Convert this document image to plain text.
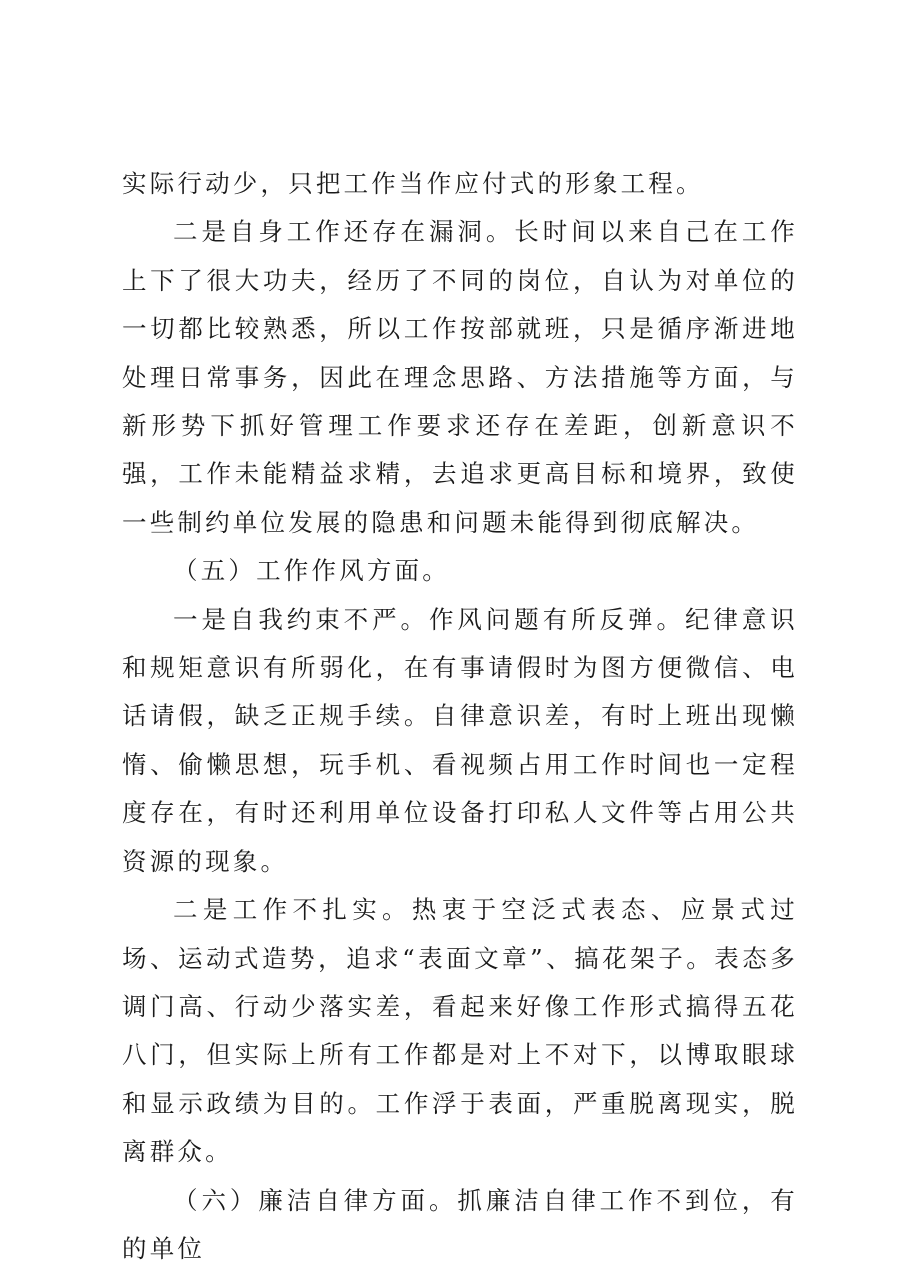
实际行动少，只把工作当作应付式的形象工程。

二是自身工作还存在漏洞。长时间以来自己在工作上下了很大功夫，经历了不同的岗位，自认为对单位的一切都比较熟悉，所以工作按部就班，只是循序渐进地处理日常事务，因此在理念思路、方法措施等方面，与新形势下抓好管理工作要求还存在差距，创新意识不强，工作未能精益求精，去追求更高目标和境界，致使一些制约单位发展的隐患和问题未能得到彻底解决。

（五）工作作风方面。

一是自我约束不严。作风问题有所反弹。纪律意识和规矩意识有所弱化，在有事请假时为图方便微信、电话请假，缺乏正规手续。自律意识差，有时上班出现懒惰、偷懒思想，玩手机、看视频占用工作时间也一定程度存在，有时还利用单位设备打印私人文件等占用公共资源的现象。

二是工作不扎实。热衷于空泛式表态、应景式过场、运动式造势，追求“表面文章”、搞花架子。表态多调门高、行动少落实差，看起来好像工作形式搞得五花八门，但实际上所有工作都是对上不对下，以博取眼球和显示政绩为目的。工作浮于表面，严重脱离现实，脱离群众。

（六）廉洁自律方面。抓廉洁自律工作不到位，有的单位
